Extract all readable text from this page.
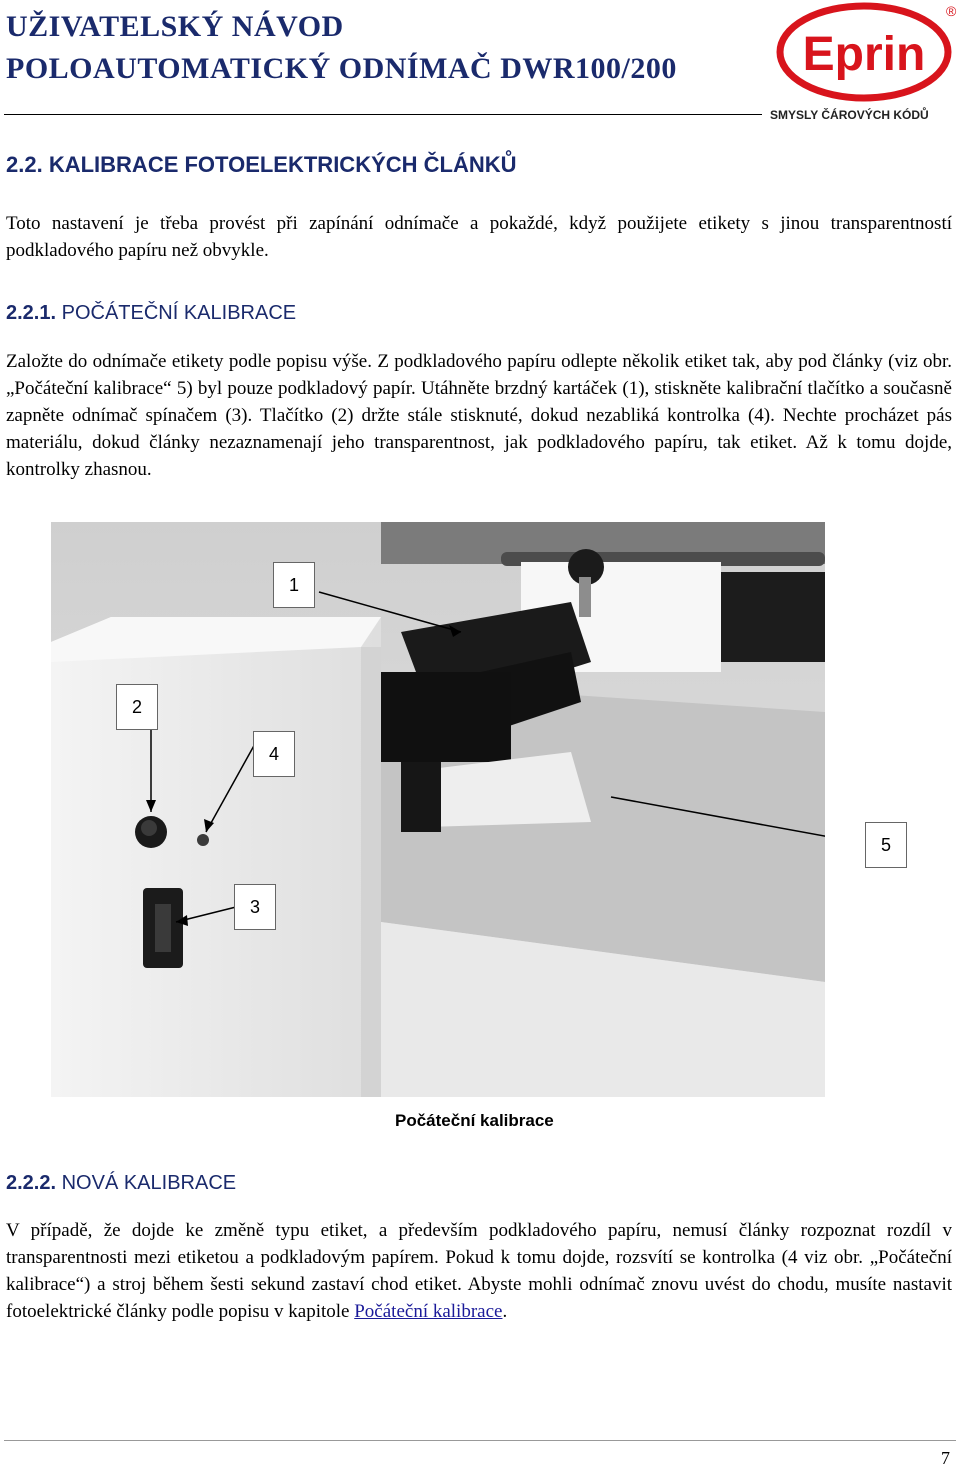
UŽIVATELSKÝ NÁVOD
POLOAUTOMATICKÝ ODNÍMAČ DWR100/200	Eprin
®
SMYSLY ČÁROVÝCH KÓDŮ
2.2. KALIBRACE FOTOELEKTRICKÝCH ČLÁNKŮ
Toto nastavení je třeba provést při zapínání odnímače a pokaždé, když použijete etikety s jinou transparentností podkladového papíru než obvykle.
2.2.1. POČÁTEČNÍ KALIBRACE
Založte do odnímače etikety podle popisu výše. Z podkladového papíru odlepte několik etiket tak, aby pod články (viz obr. „Počáteční kalibrace“ 5) byl pouze podkladový papír. Utáhněte brzdný kartáček (1), stiskněte kalibrační tlačítko a současně zapněte odnímač spínačem (3). Tlačítko (2) držte stále stisknuté, dokud nezabliká kontrolka (4). Nechte procházet pás materiálu, dokud články nezaznamenají jeho transparentnost, jak podkladového papíru, tak etiket. Až k tomu dojde, kontrolky zhasnou.
1
2
4
5
3
Počáteční kalibrace
2.2.2. NOVÁ KALIBRACE
V případě, že dojde ke změně typu etiket, a především podkladového papíru, nemusí články rozpoznat rozdíl v transparentnosti mezi etiketou a podkladovým papírem. Pokud k tomu dojde, rozsvítí se kontrolka (4 viz obr. „Počáteční kalibrace“) a stroj během šesti sekund zastaví chod etiket. Abyste mohli odnímač znovu uvést do chodu, musíte nastavit fotoelektrické články podle popisu v kapitole Počáteční kalibrace.
7
